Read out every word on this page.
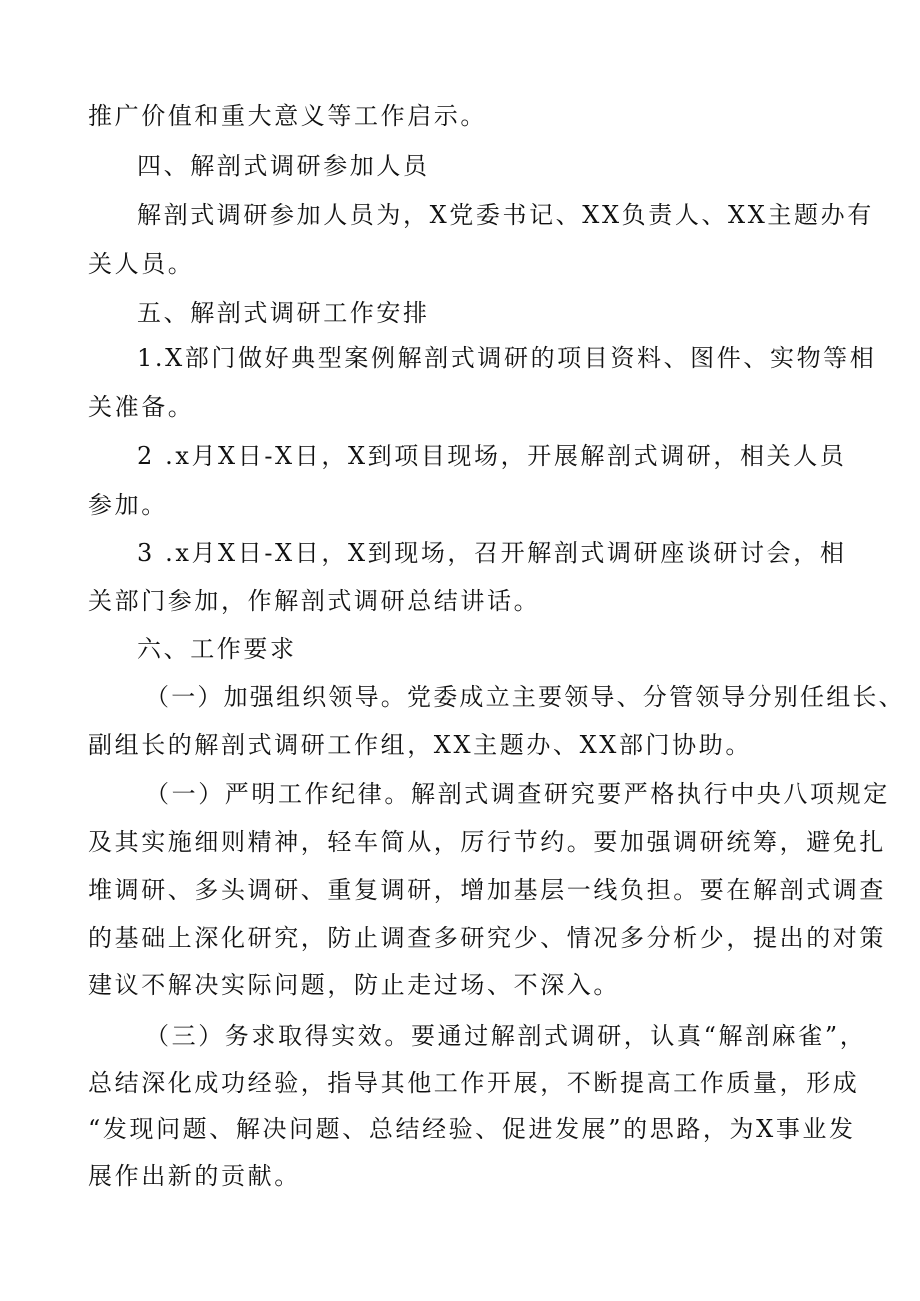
推广价值和重大意义等工作启示。
四、解剖式调研参加人员
解剖式调研参加人员为，X党委书记、XX负责人、XX主题办有
关人员。
五、解剖式调研工作安排
1.X部门做好典型案例解剖式调研的项目资料、图件、实物等相
关准备。
2 .x月X日-X日，X到项目现场，开展解剖式调研，相关人员
参加。
3 .x月X日-X日，X到现场，召开解剖式调研座谈研讨会，相
关部门参加，作解剖式调研总结讲话。
六、工作要求
（一）加强组织领导。党委成立主要领导、分管领导分别任组长、
副组长的解剖式调研工作组，XX主题办、XX部门协助。
（一）严明工作纪律。解剖式调查研究要严格执行中央八项规定
及其实施细则精神，轻车简从，厉行节约。要加强调研统筹，避免扎
堆调研、多头调研、重复调研，增加基层一线负担。要在解剖式调查
的基础上深化研究，防止调查多研究少、情况多分析少，提出的对策
建议不解决实际问题，防止走过场、不深入。
（三）务求取得实效。要通过解剖式调研，认真“解剖麻雀”，
总结深化成功经验，指导其他工作开展，不断提高工作质量，形成
“发现问题、解决问题、总结经验、促进发展”的思路，为X事业发
展作出新的贡献。
